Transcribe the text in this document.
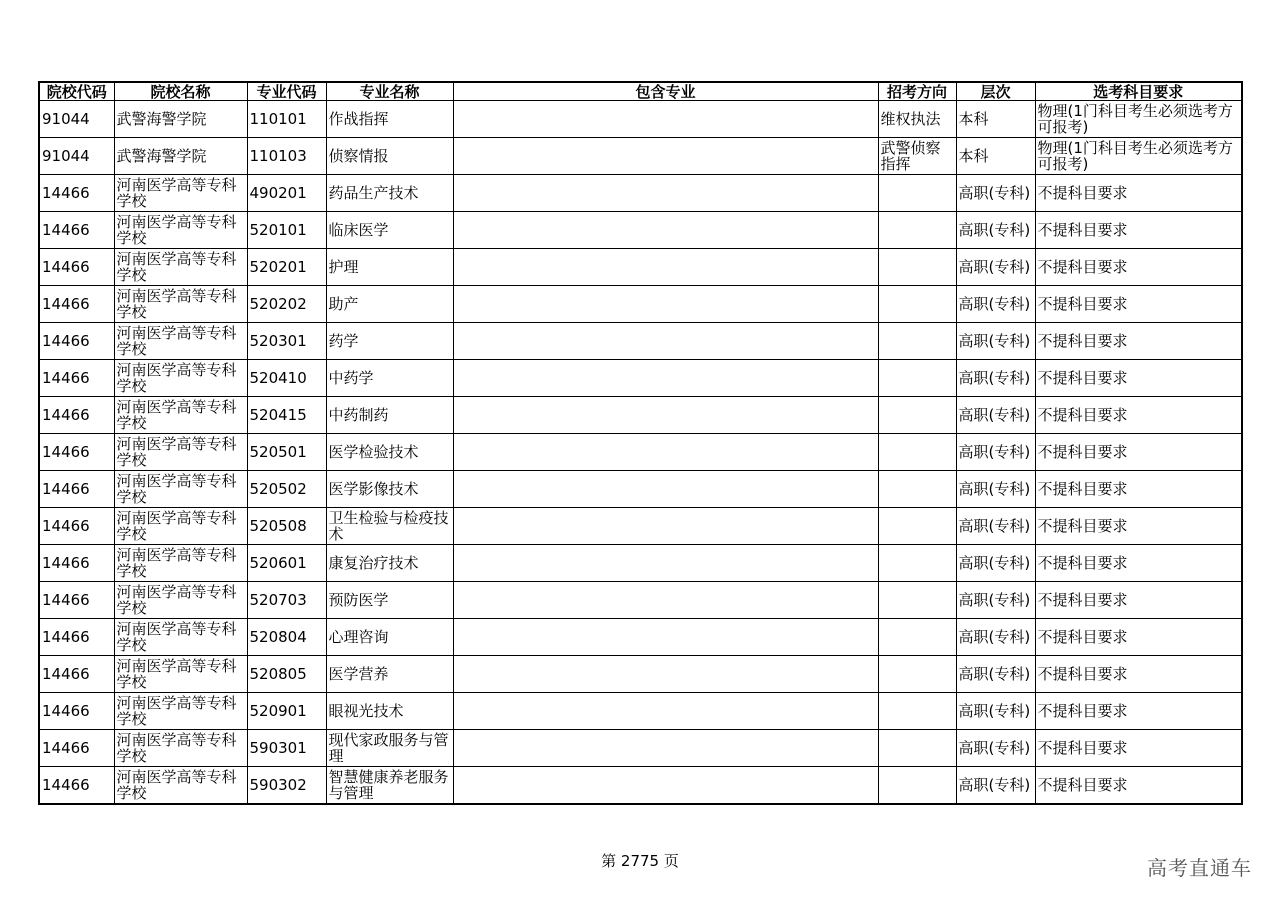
院校代码	院校名称	专业代码	专业名称	包含专业	招考方向	层次	选考科目要求
91044	武警海警学院	110101	作战指挥		维权执法	本科	物理(1门科目考生必须选考方可报考)
91044	武警海警学院	110103	侦察情报		武警侦察指挥	本科	物理(1门科目考生必须选考方可报考)
14466	河南医学高等专科学校	490201	药品生产技术			高职(专科)	不提科目要求
14466	河南医学高等专科学校	520101	临床医学			高职(专科)	不提科目要求
14466	河南医学高等专科学校	520201	护理			高职(专科)	不提科目要求
14466	河南医学高等专科学校	520202	助产			高职(专科)	不提科目要求
14466	河南医学高等专科学校	520301	药学			高职(专科)	不提科目要求
14466	河南医学高等专科学校	520410	中药学			高职(专科)	不提科目要求
14466	河南医学高等专科学校	520415	中药制药			高职(专科)	不提科目要求
14466	河南医学高等专科学校	520501	医学检验技术			高职(专科)	不提科目要求
14466	河南医学高等专科学校	520502	医学影像技术			高职(专科)	不提科目要求
14466	河南医学高等专科学校	520508	卫生检验与检疫技术			高职(专科)	不提科目要求
14466	河南医学高等专科学校	520601	康复治疗技术			高职(专科)	不提科目要求
14466	河南医学高等专科学校	520703	预防医学			高职(专科)	不提科目要求
14466	河南医学高等专科学校	520804	心理咨询			高职(专科)	不提科目要求
14466	河南医学高等专科学校	520805	医学营养			高职(专科)	不提科目要求
14466	河南医学高等专科学校	520901	眼视光技术			高职(专科)	不提科目要求
14466	河南医学高等专科学校	590301	现代家政服务与管理			高职(专科)	不提科目要求
14466	河南医学高等专科学校	590302	智慧健康养老服务与管理			高职(专科)	不提科目要求
第 2775 页	高考直通车
